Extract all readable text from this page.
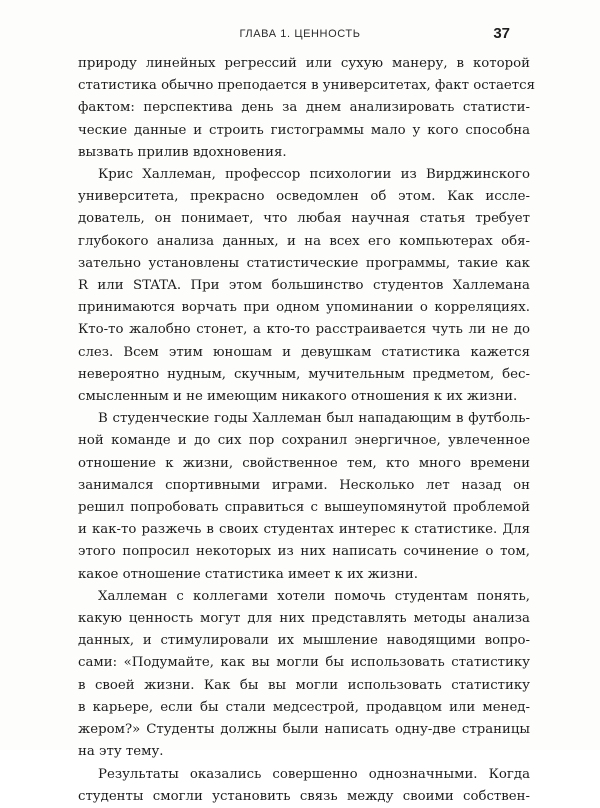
ГЛАВА 1. ЦЕННОСТЬ	37
природу линейных регрессий или сухую манеру, в которой
статистика обычно преподается в университетах, факт остается
фактом: перспектива день за днем анализировать статисти-
ческие данные и строить гистограммы мало у кого способна
вызвать прилив вдохновения.
Крис Халлеман, профессор психологии из Вирджинского
университета, прекрасно осведомлен об этом. Как иссле-
дователь, он понимает, что любая научная статья требует
глубокого анализа данных, и на всех его компьютерах обя-
зательно установлены статистические программы, такие как
R или STATA. При этом большинство студентов Халлемана
принимаются ворчать при одном упоминании о корреляциях.
Кто-то жалобно стонет, а кто-то расстраивается чуть ли не до
слез. Всем этим юношам и девушкам статистика кажется
невероятно нудным, скучным, мучительным предметом, бес-
смысленным и не имеющим никакого отношения к их жизни.
В студенческие годы Халлеман был нападающим в футболь-
ной команде и до сих пор сохранил энергичное, увлеченное
отношение к жизни, свойственное тем, кто много времени
занимался спортивными играми. Несколько лет назад он
решил попробовать справиться с вышеупомянутой проблемой
и как-то разжечь в своих студентах интерес к статистике. Для
этого попросил некоторых из них написать сочинение о том,
какое отношение статистика имеет к их жизни.
Халлеман с коллегами хотели помочь студентам понять,
какую ценность могут для них представлять методы анализа
данных, и стимулировали их мышление наводящими вопро-
сами: «Подумайте, как вы могли бы использовать статистику
в своей жизни. Как бы вы могли использовать статистику
в карьере, если бы стали медсестрой, продавцом или менед-
жером?» Студенты должны были написать одну-две страницы
на эту тему.
Результаты оказались совершенно однозначными. Когда
студенты смогли установить связь между своими собствен-
